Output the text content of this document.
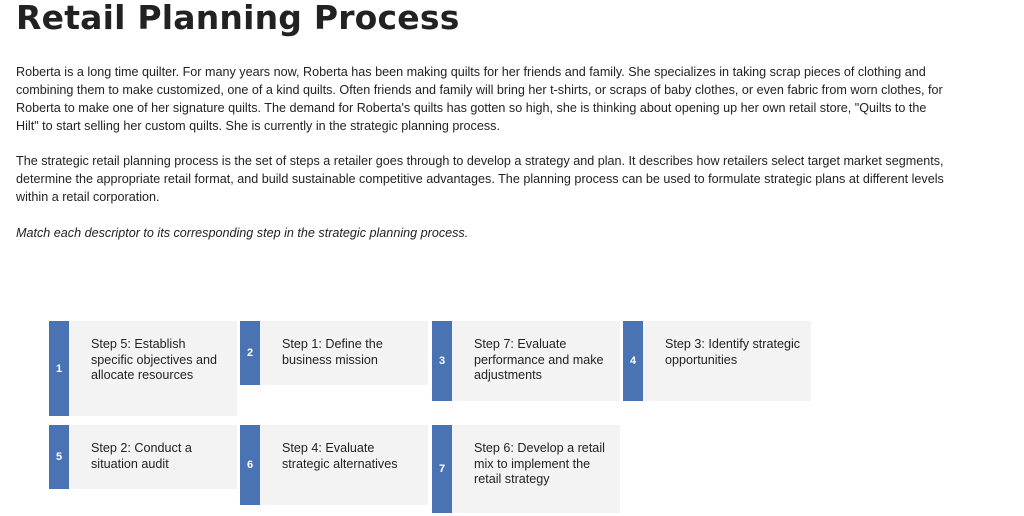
Retail Planning Process

Roberta is a long time quilter. For many years now, Roberta has been making quilts for her friends and family. She specializes in taking scrap pieces of clothing and combining them to make customized, one of a kind quilts. Often friends and family will bring her t-shirts, or scraps of baby clothes, or even fabric from worn clothes, for Roberta to make one of her signature quilts. The demand for Roberta's quilts has gotten so high, she is thinking about opening up her own retail store, "Quilts to the Hilt" to start selling her custom quilts. She is currently in the strategic planning process.

The strategic retail planning process is the set of steps a retailer goes through to develop a strategy and plan. It describes how retailers select target market segments, determine the appropriate retail format, and build sustainable competitive advantages. The planning process can be used to formulate strategic plans at different levels within a retail corporation.

Match each descriptor to its corresponding step in the strategic planning process.

1
Step 5: Establish specific objectives and allocate resources
2
Step 1: Define the business mission	3
Step 7: Evaluate performance and make adjustments
4
Step 3: Identify strategic opportunities
5
Step 2: Conduct a situation audit	6
Step 4: Evaluate strategic alternatives	7
Step 6: Develop a retail mix to implement the retail strategy
